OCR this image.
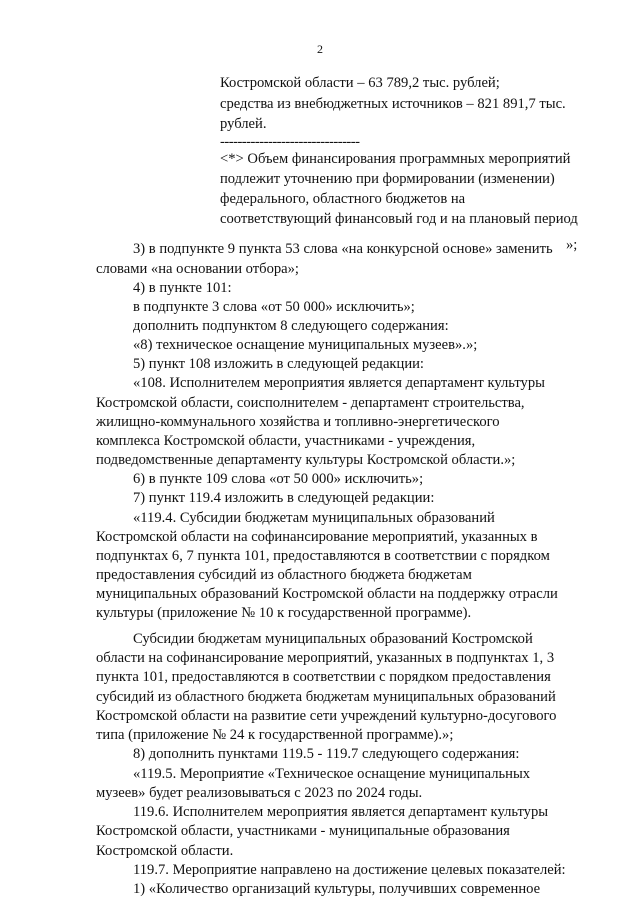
2
Костромской области – 63 789,2 тыс. рублей;
средства из внебюджетных источников – 821 891,7 тыс.
рублей.
--------------------------------
<*> Объем финансирования программных мероприятий
подлежит уточнению при формировании (изменении)
федерального, областного бюджетов на
соответствующий финансовый год и на плановый период
»;
3) в подпункте 9 пункта 53 слова «на конкурсной основе» заменить
словами «на основании отбора»;
4) в пункте 101:
в подпункте 3 слова «от 50 000» исключить»;
дополнить подпунктом 8 следующего содержания:
«8) техническое оснащение муниципальных музеев».»;
5) пункт 108 изложить в следующей редакции:
«108. Исполнителем мероприятия является департамент культуры
Костромской области, соисполнителем - департамент строительства,
жилищно-коммунального хозяйства и топливно-энергетического
комплекса Костромской области, участниками - учреждения,
подведомственные департаменту культуры Костромской области.»;
6) в пункте 109 слова «от 50 000» исключить»;
7) пункт 119.4 изложить в следующей редакции:
«119.4. Субсидии бюджетам муниципальных образований
Костромской области на софинансирование мероприятий, указанных в
подпунктах 6, 7 пункта 101, предоставляются в соответствии с порядком
предоставления субсидий из областного бюджета бюджетам
муниципальных образований Костромской области на поддержку отрасли
культуры (приложение № 10 к государственной программе).
Субсидии бюджетам муниципальных образований Костромской
области на софинансирование мероприятий, указанных в подпунктах 1, 3
пункта 101, предоставляются в соответствии с порядком предоставления
субсидий из областного бюджета бюджетам муниципальных образований
Костромской области на развитие сети учреждений культурно-досугового
типа (приложение № 24 к государственной программе).»;
8) дополнить пунктами 119.5 - 119.7 следующего содержания:
«119.5. Мероприятие «Техническое оснащение муниципальных
музеев» будет реализовываться с 2023 по 2024 годы.
119.6. Исполнителем мероприятия является департамент культуры
Костромской области, участниками - муниципальные образования
Костромской области.
119.7. Мероприятие направлено на достижение целевых показателей:
1) «Количество организаций культуры, получивших современное
